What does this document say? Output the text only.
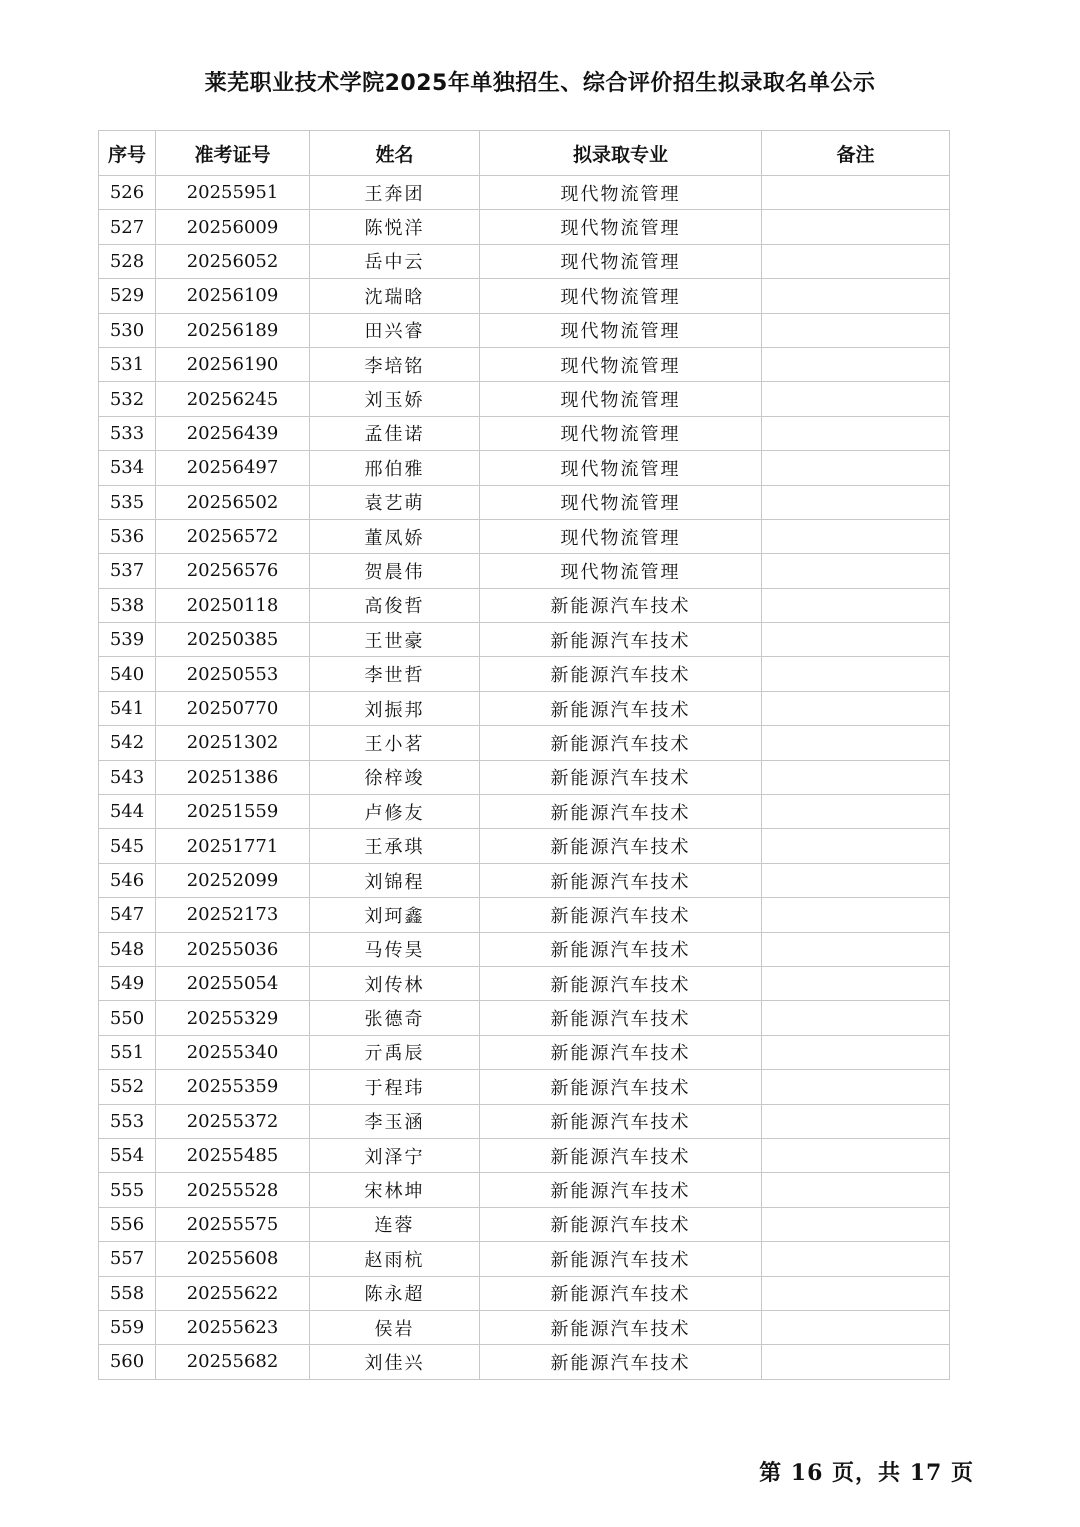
莱芜职业技术学院2025年单独招生、综合评价招生拟录取名单公示
序号	准考证号	姓名	拟录取专业	备注
526	20255951	王奔团	现代物流管理	
527	20256009	陈悦洋	现代物流管理	
528	20256052	岳中云	现代物流管理	
529	20256109	沈瑞晗	现代物流管理	
530	20256189	田兴睿	现代物流管理	
531	20256190	李培铭	现代物流管理	
532	20256245	刘玉娇	现代物流管理	
533	20256439	孟佳诺	现代物流管理	
534	20256497	邢伯雅	现代物流管理	
535	20256502	袁艺萌	现代物流管理	
536	20256572	董凤娇	现代物流管理	
537	20256576	贺晨伟	现代物流管理	
538	20250118	高俊哲	新能源汽车技术	
539	20250385	王世豪	新能源汽车技术	
540	20250553	李世哲	新能源汽车技术	
541	20250770	刘振邦	新能源汽车技术	
542	20251302	王小茗	新能源汽车技术	
543	20251386	徐梓竣	新能源汽车技术	
544	20251559	卢修友	新能源汽车技术	
545	20251771	王承琪	新能源汽车技术	
546	20252099	刘锦程	新能源汽车技术	
547	20252173	刘珂鑫	新能源汽车技术	
548	20255036	马传昊	新能源汽车技术	
549	20255054	刘传林	新能源汽车技术	
550	20255329	张德奇	新能源汽车技术	
551	20255340	亓禹辰	新能源汽车技术	
552	20255359	于程玮	新能源汽车技术	
553	20255372	李玉涵	新能源汽车技术	
554	20255485	刘泽宁	新能源汽车技术	
555	20255528	宋林坤	新能源汽车技术	
556	20255575	连蓉	新能源汽车技术	
557	20255608	赵雨杭	新能源汽车技术	
558	20255622	陈永超	新能源汽车技术	
559	20255623	侯岩	新能源汽车技术	
560	20255682	刘佳兴	新能源汽车技术	
第 16 页，共 17 页
